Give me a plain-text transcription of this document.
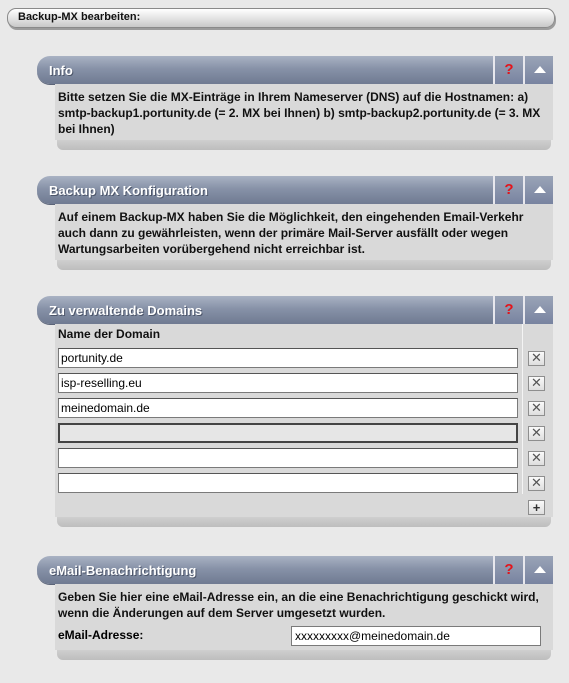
Backup-MX bearbeiten:
Info	?
Bitte setzen Sie die MX-Einträge in Ihrem Nameserver (DNS) auf die Hostnamen: a) smtp-backup1.portunity.de (= 2. MX bei Ihnen) b) smtp-backup2.portunity.de (= 3. MX bei Ihnen)
Backup MX Konfiguration	?
Auf einem Backup-MX haben Sie die Möglichkeit, den eingehenden Email-Verkehr auch dann zu gewährleisten, wenn der primäre Mail-Server ausfällt oder wegen Wartungsarbeiten vorübergehend nicht erreichbar ist.
Zu verwaltende Domains	?
Name der Domain
portunity.de
✕
isp-reselling.eu
✕
meinedomain.de
✕
✕
✕
✕
+
eMail-Benachrichtigung	?
Geben Sie hier eine eMail-Adresse ein, an die eine Benachrichtigung geschickt wird, wenn die Änderungen auf dem Server umgesetzt wurden.
eMail-Adresse:
xxxxxxxxx@meinedomain.de
